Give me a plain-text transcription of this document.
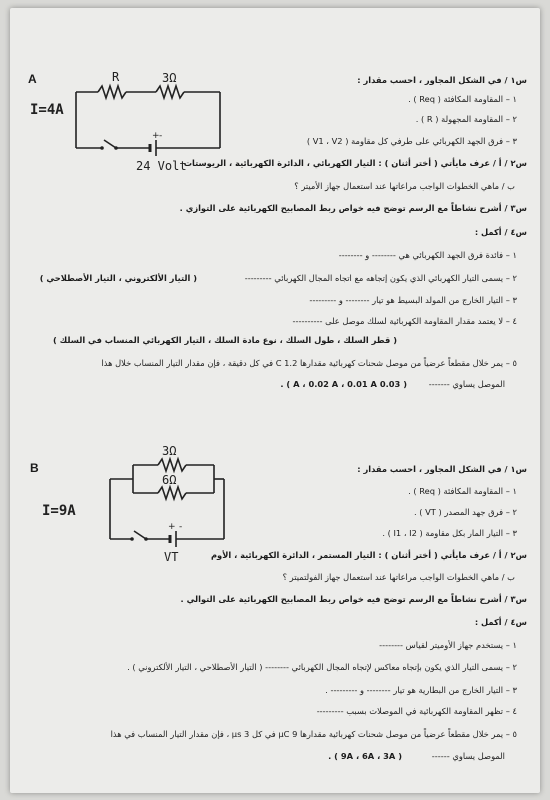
A	R	3Ω
+ -
24 Volt
I=4A
س١ / في الشكل المجاور ، احسب مقدار :
١ – المقاومة المكافئة ( Req ) .
٢ – المقاومة المجهولة ( R ) .
٣ – فرق الجهد الكهربائي على طرفي كل مقاومة ( V1 ، V2 )
س٢ / أ / عرف مايأتي ( أختر أثنان ) : التيار الكهربائي ، الدائرة الكهربائية ، الريوستات
ب / ماهي الخطوات الواجب مراعاتها عند استعمال جهاز الأميتر ؟
س٣ / أشرح نشاطاً مع الرسم توضح فيه خواص ربط المصابيح الكهربائية على التوازي .
س٤ / أكمل :
١ – فائدة فرق الجهد الكهربائي هي -------- و --------
٢ – يسمى التيار الكهربائي الذي يكون إتجاهه مع اتجاه المجال الكهربائي ---------
( التيار الألكتروني ، التيار الأصطلاحي )
٣ – التيار الخارج من المولد البسيط هو تيار -------- و ---------
٤ – لا يعتمد مقدار المقاومة الكهربائية لسلك موصل على ----------
( قطر السلك ، طول السلك ، نوع مادة السلك ، التيار الكهربائي المنساب في السلك )
٥ – يمر خلال مقطعاً عرضياً من موصل شحنات كهربائية مقدارها 1.2 C في كل دقيقة ، فإن مقدار التيار المنساب خلال هذا
الموصل يساوي -------
( 0.03 A ، 0.02 A ، 0.01 A ) .
B
3Ω
6Ω
+ -
VT
I=9A
س١ / في الشكل المجاور ، احسب مقدار :
١ – المقاومة المكافئة ( Req ) .
٢ – فرق جهد المصدر ( VT ) .
٣ – التيار المار بكل مقاومة ( I1 ، I2 ) .
س٢ / أ / عرف مايأتي ( أختر أثنان ) : التيار المستمر ، الدائرة الكهربائية ، الأوم
ب / ماهي الخطوات الواجب مراعاتها عند استعمال جهاز الفولتميتر ؟
س٣ / أشرح نشاطاً مع الرسم توضح فيه خواص ربط المصابيح الكهربائية على التوالي .
س٤ / أكمل :
١ – يستخدم جهاز الأوميتر لقياس --------
٢ – يسمى التيار الذي يكون بإتجاه معاكس لإتجاه المجال الكهربائي -------- ( التيار الأصطلاحي ، التيار الألكتروني ) .
٣ – التيار الخارج من البطارية هو تيار -------- و --------- .
٤ – تظهر المقاومة الكهربائية في الموصلات بسبب ---------
٥ – يمر خلال مقطعاً عرضياً من موصل شحنات كهربائية مقدارها 9 μC في كل 3 μs ، فإن مقدار التيار المنساب في هذا
الموصل يساوي ------
( 9A ، 6A ، 3A ) .
